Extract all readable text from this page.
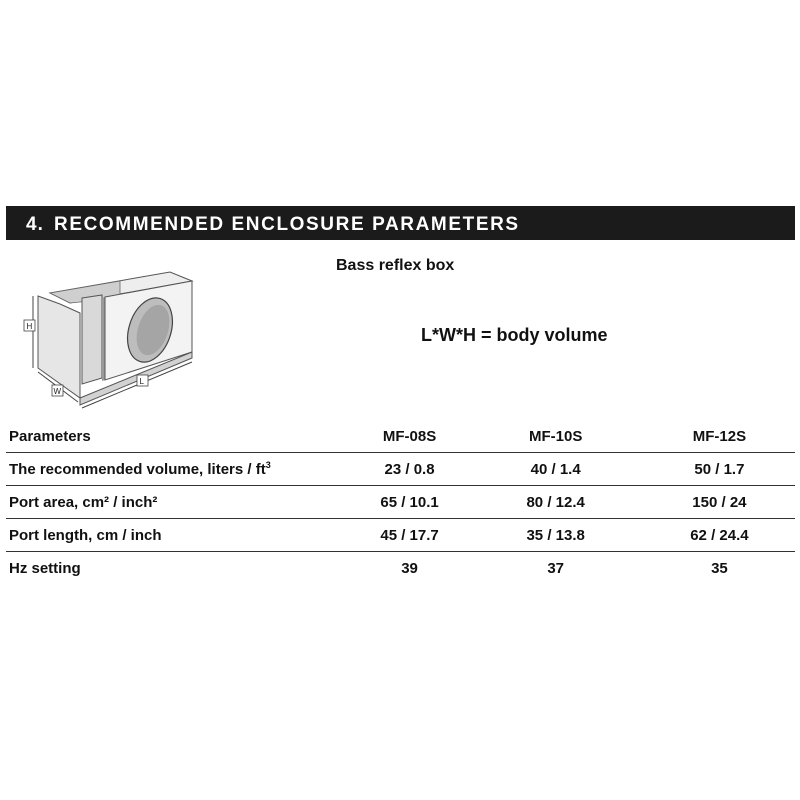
4. RECOMMENDED ENCLOSURE PARAMETERS
Bass reflex box
H
W
L
L*W*H = body volume
Parameters	MF-08S	MF-10S	MF-12S
The recommended volume, liters / $ft^3$	23 / 0.8	40 / 1.4	50 / 1.7
Port area, cm² / inch²	65 / 10.1	80 / 12.4	150 / 24
Port length, cm / inch	45 / 17.7	35 / 13.8	62 / 24.4
Hz setting	39	37	35
